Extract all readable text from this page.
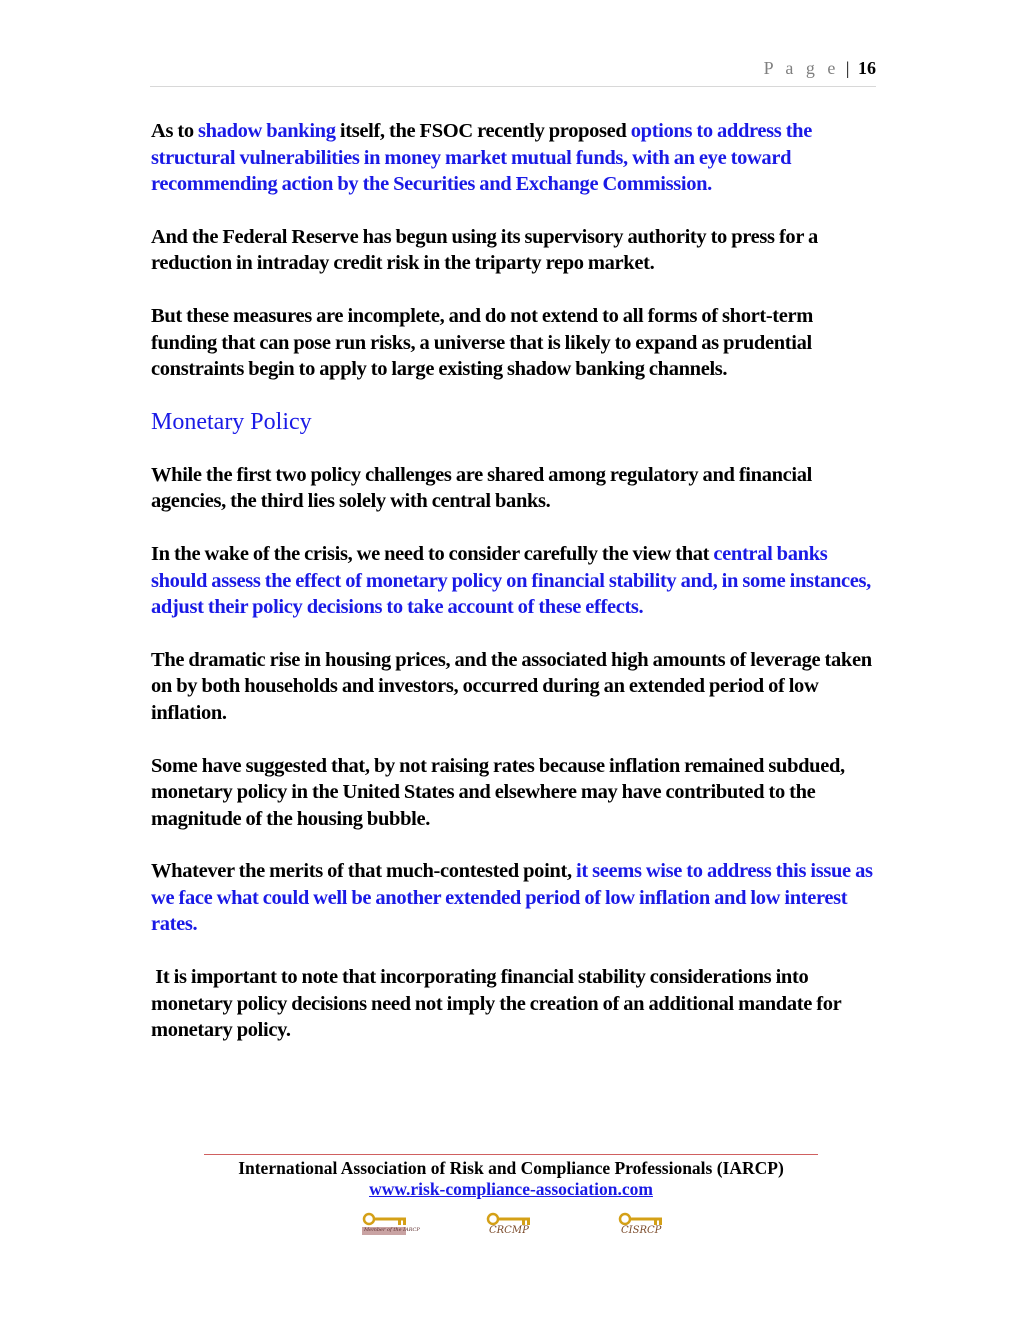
P a g e | 16

As to shadow banking itself, the FSOC recently proposed options to address the structural vulnerabilities in money market mutual funds, with an eye toward recommending action by the Securities and Exchange Commission.

And the Federal Reserve has begun using its supervisory authority to press for a reduction in intraday credit risk in the triparty repo market.

But these measures are incomplete, and do not extend to all forms of short-term funding that can pose run risks, a universe that is likely to expand as prudential constraints begin to apply to large existing shadow banking channels.

Monetary Policy

While the first two policy challenges are shared among regulatory and financial agencies, the third lies solely with central banks.

In the wake of the crisis, we need to consider carefully the view that central banks should assess the effect of monetary policy on financial stability and, in some instances, adjust their policy decisions to take account of these effects.

The dramatic rise in housing prices, and the associated high amounts of leverage taken on by both households and investors, occurred during an extended period of low inflation.

Some have suggested that, by not raising rates because inflation remained subdued, monetary policy in the United States and elsewhere may have contributed to the magnitude of the housing bubble.

Whatever the merits of that much-contested point, it seems wise to address this issue as we face what could well be another extended period of low inflation and low interest rates.

It is important to note that incorporating financial stability considerations into monetary policy decisions need not imply the creation of an additional mandate for monetary policy.

International Association of Risk and Compliance Professionals (IARCP)
www.risk-compliance-association.com
Member of the IARCP	CRCMP	CISRCP
